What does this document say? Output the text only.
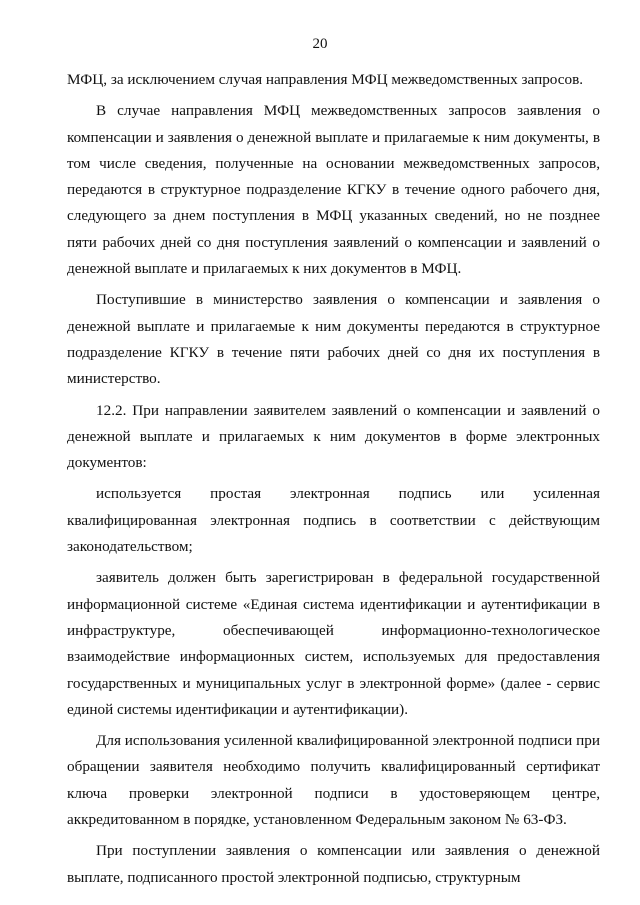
20

МФЦ, за исключением случая направления МФЦ межведомственных запросов.

В случае направления МФЦ межведомственных запросов заявления о компенсации и заявления о денежной выплате и прилагаемые к ним документы, в том числе сведения, полученные на основании межведомственных запросов, передаются в структурное подразделение КГКУ в течение одного рабочего дня, следующего за днем поступления в МФЦ указанных сведений, но не позднее пяти рабочих дней со дня поступления заявлений о компенсации и заявлений о денежной выплате и прилагаемых к них документов в МФЦ.

Поступившие в министерство заявления о компенсации и заявления о денежной выплате и прилагаемые к ним документы передаются в структурное подразделение КГКУ в течение пяти рабочих дней со дня их поступления в министерство.

12.2. При направлении заявителем заявлений о компенсации и заявлений о денежной выплате и прилагаемых к ним документов в форме электронных документов:

используется простая электронная подпись или усиленная квалифицированная электронная подпись в соответствии с действующим законодательством;

заявитель должен быть зарегистрирован в федеральной государственной информационной системе «Единая система идентификации и аутентификации в инфраструктуре, обеспечивающей информационно-технологическое взаимодействие информационных систем, используемых для предоставления государственных и муниципальных услуг в электронной форме» (далее - сервис единой системы идентификации и аутентификации).

Для использования усиленной квалифицированной электронной подписи при обращении заявителя необходимо получить квалифицированный сертификат ключа проверки электронной подписи в удостоверяющем центре, аккредитованном в порядке, установленном Федеральным законом № 63-ФЗ.

При поступлении заявления о компенсации или заявления о денежной выплате, подписанного простой электронной подписью, структурным
